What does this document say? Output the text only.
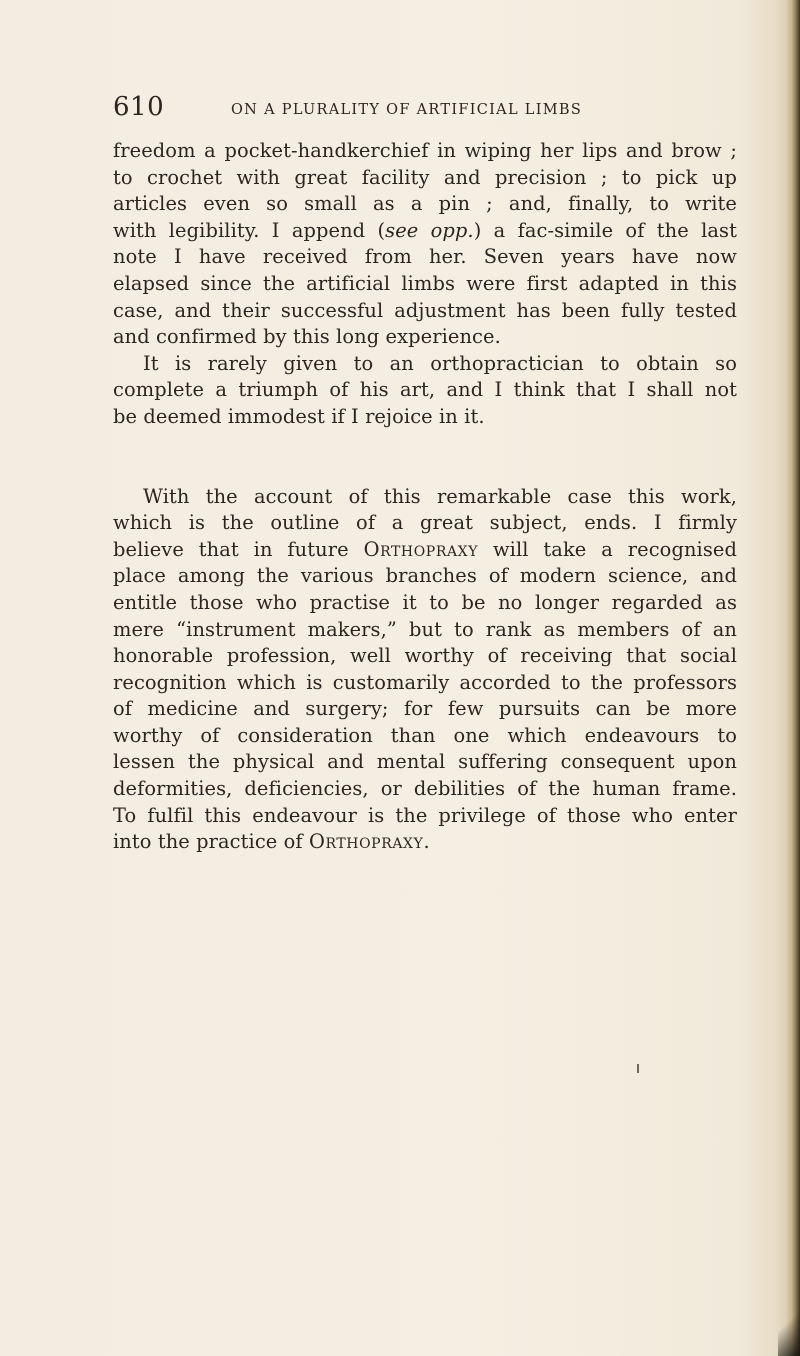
610	ON A PLURALITY OF ARTIFICIAL LIMBS
freedom a pocket-handkerchief in wiping her lips and brow ;
to crochet with great facility and precision ; to pick up
articles even so small as a pin ; and, finally, to write
with legibility. I append (see opp.) a fac-simile of the last
note I have received from her. Seven years have now
elapsed since the artificial limbs were first adapted in this
case, and their successful adjustment has been fully tested
and confirmed by this long experience.
It is rarely given to an orthopractician to obtain so
complete a triumph of his art, and I think that I shall not
be deemed immodest if I rejoice in it.
With the account of this remarkable case this work,
which is the outline of a great subject, ends. I firmly
believe that in future Orthopraxy will take a recognised
place among the various branches of modern science, and
entitle those who practise it to be no longer regarded as
mere “instrument makers,” but to rank as members of an
honorable profession, well worthy of receiving that social
recognition which is customarily accorded to the professors
of medicine and surgery; for few pursuits can be more
worthy of consideration than one which endeavours to
lessen the physical and mental suffering consequent upon
deformities, deficiencies, or debilities of the human frame.
To fulfil this endeavour is the privilege of those who enter
into the practice of Orthopraxy.
